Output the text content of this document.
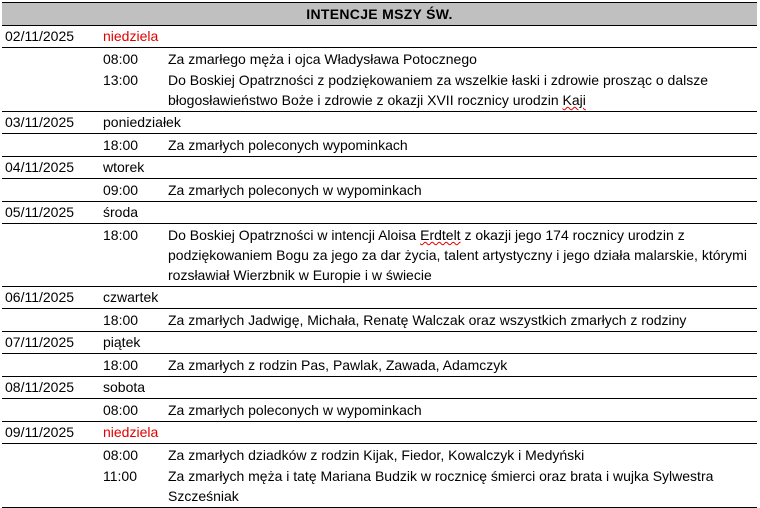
INTENCJE MSZY ŚW.
02/11/2025	niedziela
08:00	Za zmarłego męża i ojca Władysława Potocznego
13:00	Do Boskiej Opatrzności z podziękowaniem za wszelkie łaski i zdrowie prosząc o dalsze błogosławieństwo Boże i zdrowie z okazji XVII rocznicy urodzin Kaji
03/11/2025	poniedziałek
18:00	Za zmarłych poleconych wypominkach
04/11/2025	wtorek
09:00	Za zmarłych poleconych w wypominkach
05/11/2025	środa
18:00	Do Boskiej Opatrzności w intencji Aloisa Erdtelt z okazji jego 174 rocznicy urodzin z podziękowaniem Bogu za jego za dar życia, talent artystyczny i jego działa malarskie, którymi rozsławiał Wierzbnik w Europie i w świecie
06/11/2025	czwartek
18:00	Za zmarłych Jadwigę, Michała, Renatę Walczak oraz wszystkich zmarłych z rodziny
07/11/2025	piątek
18:00	Za zmarłych z rodzin Pas, Pawlak, Zawada, Adamczyk
08/11/2025	sobota
08:00	Za zmarłych poleconych w wypominkach
09/11/2025	niedziela
08:00	Za zmarłych dziadków z rodzin Kijak, Fiedor, Kowalczyk i Medyński
11:00	Za zmarłych męża i tatę Mariana Budzik w rocznicę śmierci oraz brata i wujka Sylwestra Szcześniak
